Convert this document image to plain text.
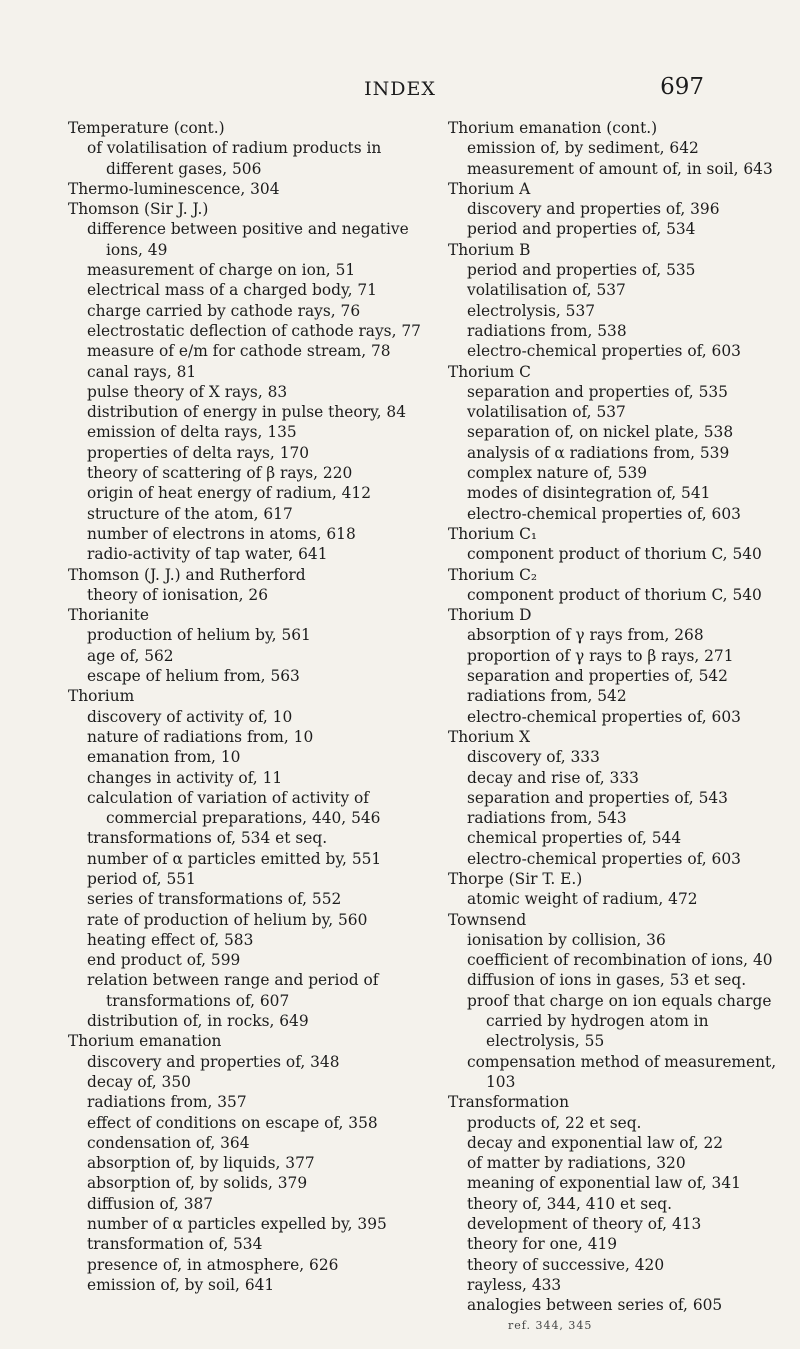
INDEX	697

Temperature (cont.)

of volatilisation of radium products in different gases, 506

Thermo-luminescence, 304

Thomson (Sir J. J.)

difference between positive and negative ions, 49

measurement of charge on ion, 51

electrical mass of a charged body, 71

charge carried by cathode rays, 76

electrostatic deflection of cathode rays, 77

measure of e/m for cathode stream, 78

canal rays, 81

pulse theory of X rays, 83

distribution of energy in pulse theory, 84

emission of delta rays, 135

properties of delta rays, 170

theory of scattering of β rays, 220

origin of heat energy of radium, 412

structure of the atom, 617

number of electrons in atoms, 618

radio-activity of tap water, 641

Thomson (J. J.) and Rutherford

theory of ionisation, 26

Thorianite

production of helium by, 561

age of, 562

escape of helium from, 563

Thorium

discovery of activity of, 10

nature of radiations from, 10

emanation from, 10

changes in activity of, 11

calculation of variation of activity of commercial preparations, 440, 546

transformations of, 534 et seq.

number of α particles emitted by, 551

period of, 551

series of transformations of, 552

rate of production of helium by, 560

heating effect of, 583

end product of, 599

relation between range and period of transformations of, 607

distribution of, in rocks, 649

Thorium emanation

discovery and properties of, 348

decay of, 350

radiations from, 357

effect of conditions on escape of, 358

condensation of, 364

absorption of, by liquids, 377

absorption of, by solids, 379

diffusion of, 387

number of α particles expelled by, 395

transformation of, 534

presence of, in atmosphere, 626

emission of, by soil, 641

Thorium emanation (cont.)

emission of, by sediment, 642

measurement of amount of, in soil, 643

Thorium A

discovery and properties of, 396

period and properties of, 534

Thorium B

period and properties of, 535

volatilisation of, 537

electrolysis, 537

radiations from, 538

electro-chemical properties of, 603

Thorium C

separation and properties of, 535

volatilisation of, 537

separation of, on nickel plate, 538

analysis of α radiations from, 539

complex nature of, 539

modes of disintegration of, 541

electro-chemical properties of, 603

Thorium C₁

component product of thorium C, 540

Thorium C₂

component product of thorium C, 540

Thorium D

absorption of γ rays from, 268

proportion of γ rays to β rays, 271

separation and properties of, 542

radiations from, 542

electro-chemical properties of, 603

Thorium X

discovery of, 333

decay and rise of, 333

separation and properties of, 543

radiations from, 543

chemical properties of, 544

electro-chemical properties of, 603

Thorpe (Sir T. E.)

atomic weight of radium, 472

Townsend

ionisation by collision, 36

coefficient of recombination of ions, 40

diffusion of ions in gases, 53 et seq.

proof that charge on ion equals charge carried by hydrogen atom in electrolysis, 55

compensation method of measurement, 103

Transformation

products of, 22 et seq.

decay and exponential law of, 22

of matter by radiations, 320

meaning of exponential law of, 341

theory of, 344, 410 et seq.

development of theory of, 413

theory for one, 419

theory of successive, 420

rayless, 433

analogies between series of, 605

ref. 344, 345
